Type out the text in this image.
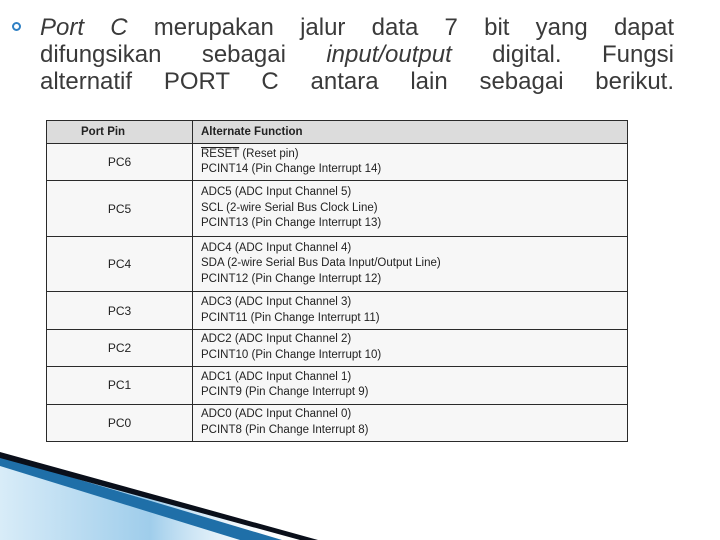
Port C merupakan jalur data 7 bit yang dapat
difungsikan sebagai input/output digital. Fungsi
alternatif PORT C antara lain sebagai berikut.

Port Pin	Alternate Function
PC6	RESET (Reset pin)
PCINT14 (Pin Change Interrupt 14)

PC5	ADC5 (ADC Input Channel 5)
SCL (2-wire Serial Bus Clock Line)
PCINT13 (Pin Change Interrupt 13)

PC4	ADC4 (ADC Input Channel 4)
SDA (2-wire Serial Bus Data Input/Output Line)
PCINT12 (Pin Change Interrupt 12)

PC3	ADC3 (ADC Input Channel 3)
PCINT11 (Pin Change Interrupt 11)

PC2	ADC2 (ADC Input Channel 2)
PCINT10 (Pin Change Interrupt 10)

PC1	ADC1 (ADC Input Channel 1)
PCINT9 (Pin Change Interrupt 9)

PC0	ADC0 (ADC Input Channel 0)
PCINT8 (Pin Change Interrupt 8)
